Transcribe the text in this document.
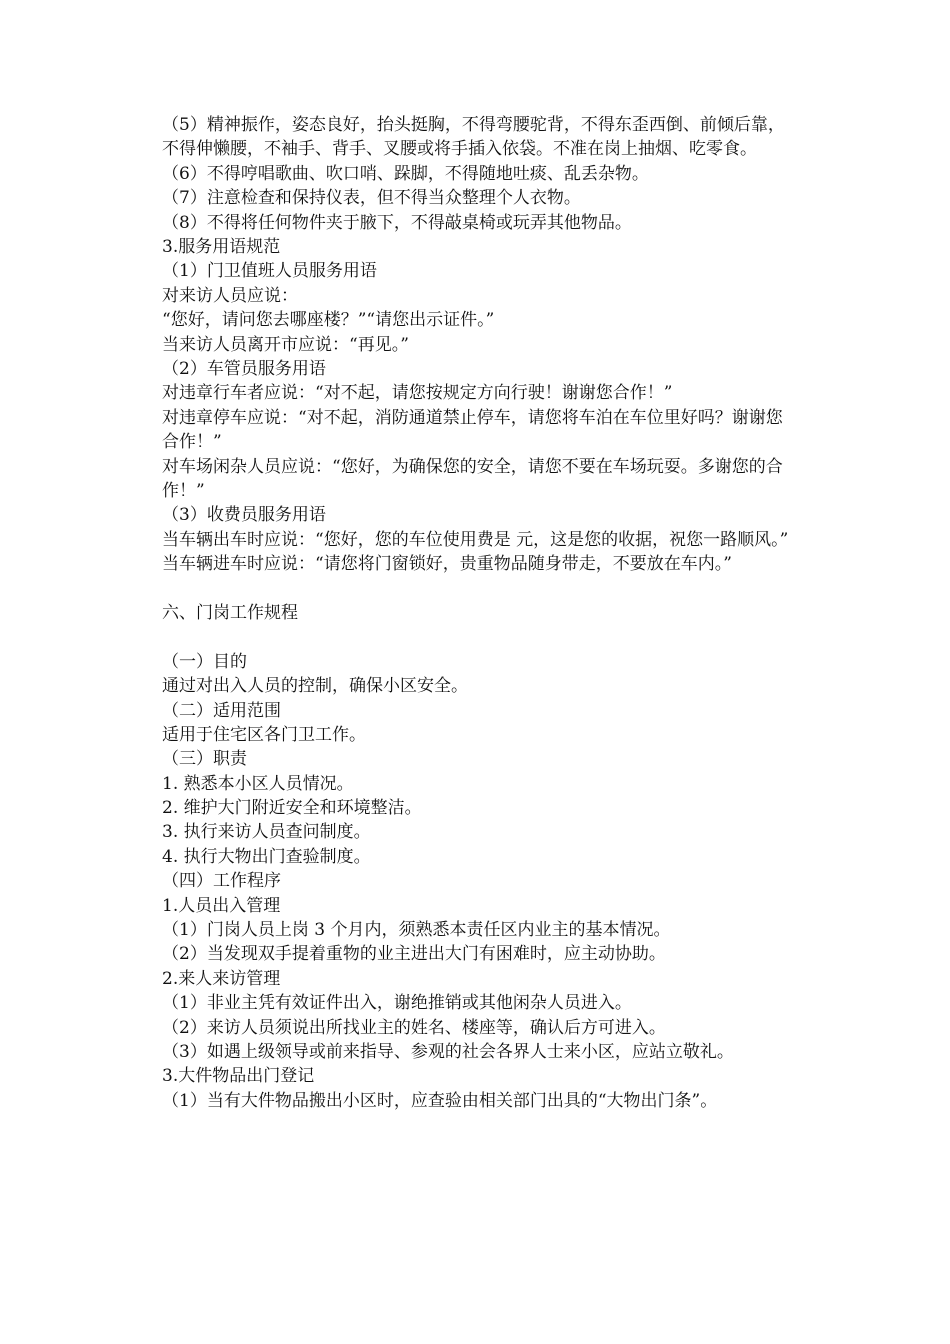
（5）精神振作，姿态良好，抬头挺胸，不得弯腰驼背，不得东歪西倒、前倾后靠，不得伸懒腰，不袖手、背手、叉腰或将手插入依袋。不准在岗上抽烟、吃零食。
（6）不得哼唱歌曲、吹口哨、跺脚，不得随地吐痰、乱丢杂物。
（7）注意检查和保持仪表，但不得当众整理个人衣物。
（8）不得将任何物件夹于腋下，不得敲桌椅或玩弄其他物品。
3.服务用语规范
（1）门卫值班人员服务用语
对来访人员应说：
“您好，请问您去哪座楼？”“请您出示证件。”
当来访人员离开市应说：“再见。”
（2）车管员服务用语
对违章行车者应说：“对不起，请您按规定方向行驶！谢谢您合作！”
对违章停车应说：“对不起，消防通道禁止停车，请您将车泊在车位里好吗？谢谢您合作！”
对车场闲杂人员应说：“您好，为确保您的安全，请您不要在车场玩耍。多谢您的合作！”
（3）收费员服务用语
当车辆出车时应说：“您好，您的车位使用费是 元，这是您的收据，祝您一路顺风。”
当车辆进车时应说：“请您将门窗锁好，贵重物品随身带走，不要放在车内。”
六、门岗工作规程
（一）目的
通过对出入人员的控制，确保小区安全。
（二）适用范围
适用于住宅区各门卫工作。
（三）职责
1. 熟悉本小区人员情况。
2. 维护大门附近安全和环境整洁。
3. 执行来访人员查问制度。
4. 执行大物出门查验制度。
（四）工作程序
1.人员出入管理
（1）门岗人员上岗 3 个月内，须熟悉本责任区内业主的基本情况。
（2）当发现双手提着重物的业主进出大门有困难时，应主动协助。
2.来人来访管理
（1）非业主凭有效证件出入，谢绝推销或其他闲杂人员进入。
（2）来访人员须说出所找业主的姓名、楼座等，确认后方可进入。
（3）如遇上级领导或前来指导、参观的社会各界人士来小区，应站立敬礼。
3.大件物品出门登记
（1）当有大件物品搬出小区时，应查验由相关部门出具的“大物出门条”。
